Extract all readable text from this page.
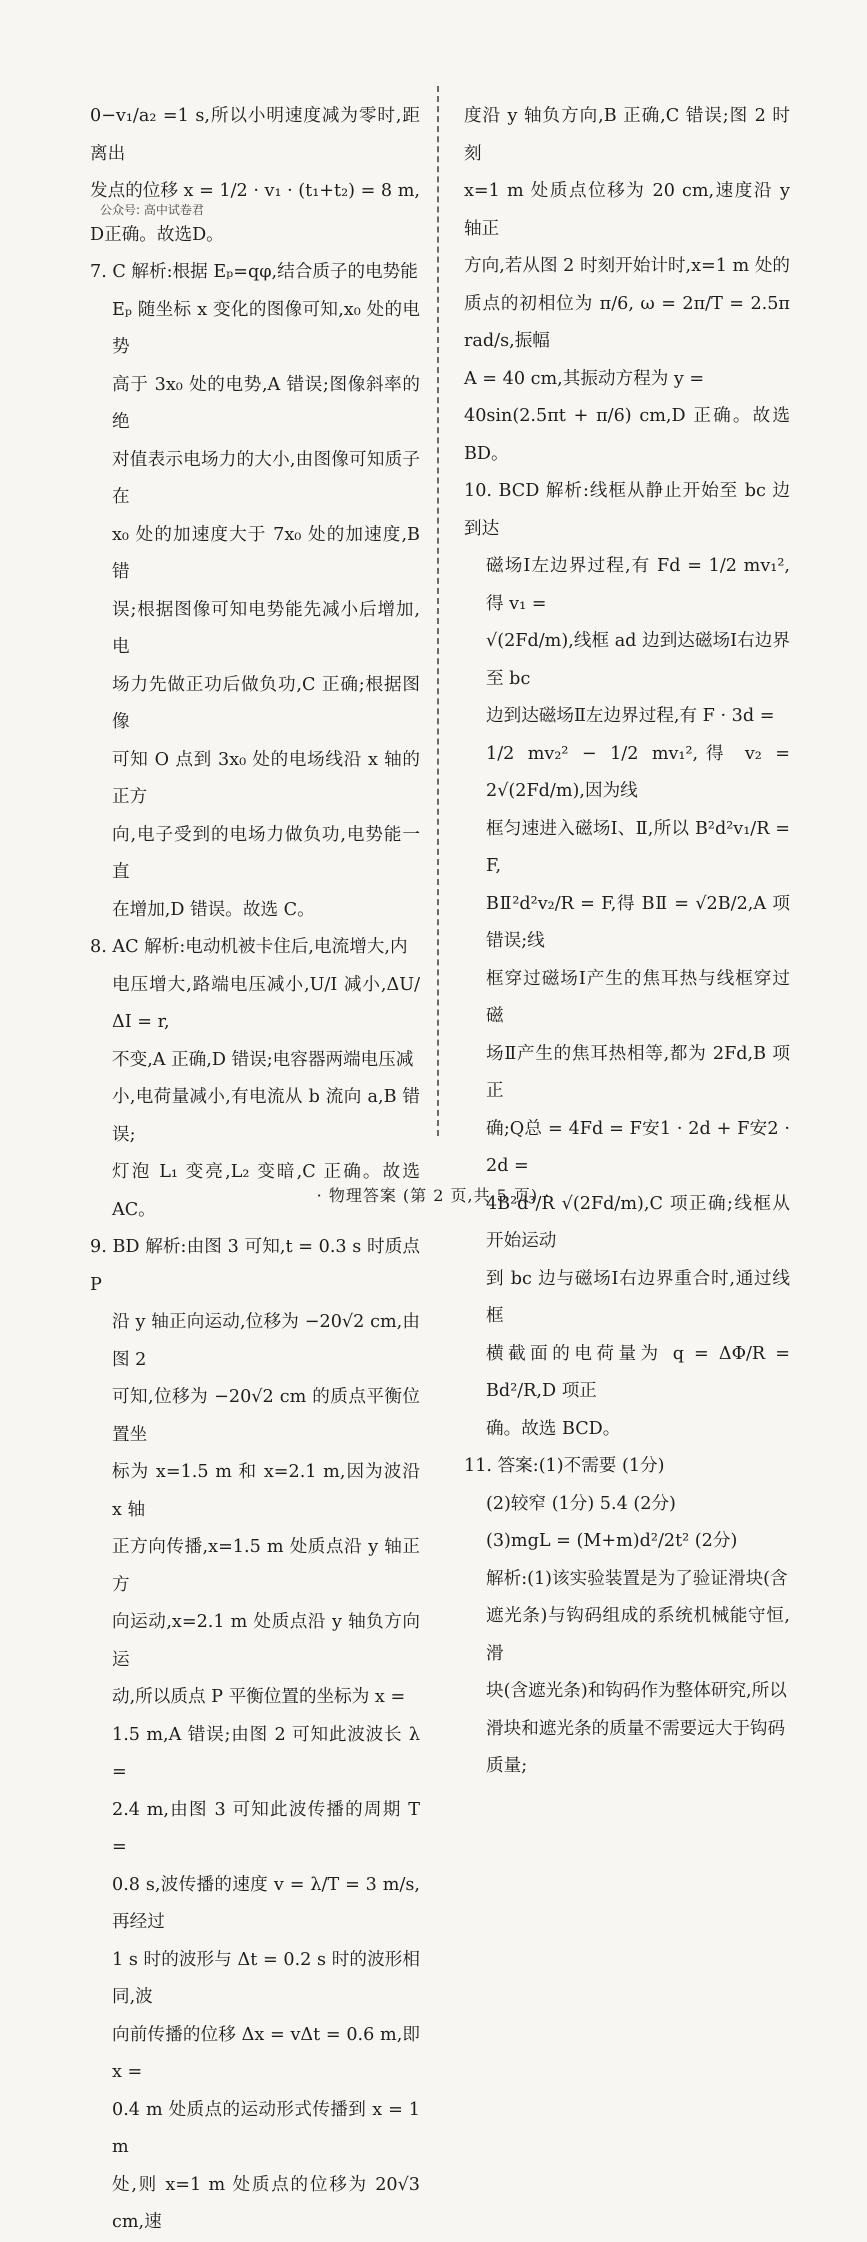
0−v₁/a₂ =1 s,所以小明速度减为零时,距离出

发点的位移 x = 1/2 · v₁ · (t₁+t₂) = 8 m,

公众号: 高中试卷君

D正确。故选D。

7. C 解析:根据 Eₚ=qφ,结合质子的电势能

Eₚ 随坐标 x 变化的图像可知,x₀ 处的电势

高于 3x₀ 处的电势,A 错误;图像斜率的绝

对值表示电场力的大小,由图像可知质子在

x₀ 处的加速度大于 7x₀ 处的加速度,B 错

误;根据图像可知电势能先减小后增加,电

场力先做正功后做负功,C 正确;根据图像

可知 O 点到 3x₀ 处的电场线沿 x 轴的正方

向,电子受到的电场力做负功,电势能一直

在增加,D 错误。故选 C。

8. AC 解析:电动机被卡住后,电流增大,内

电压增大,路端电压减小,U/I 减小,ΔU/ΔI = r,

不变,A 正确,D 错误;电容器两端电压减

小,电荷量减小,有电流从 b 流向 a,B 错误;

灯泡 L₁ 变亮,L₂ 变暗,C 正确。故选 AC。

9. BD 解析:由图 3 可知,t = 0.3 s 时质点 P

沿 y 轴正向运动,位移为 −20√2 cm,由图 2

可知,位移为 −20√2 cm 的质点平衡位置坐

标为 x=1.5 m 和 x=2.1 m,因为波沿 x 轴

正方向传播,x=1.5 m 处质点沿 y 轴正方

向运动,x=2.1 m 处质点沿 y 轴负方向运

动,所以质点 P 平衡位置的坐标为 x =

1.5 m,A 错误;由图 2 可知此波波长 λ =

2.4 m,由图 3 可知此波传播的周期 T =

0.8 s,波传播的速度 v = λ/T = 3 m/s,再经过

1 s 时的波形与 Δt = 0.2 s 时的波形相同,波

向前传播的位移 Δx = vΔt = 0.6 m,即 x =

0.4 m 处质点的运动形式传播到 x = 1 m

处,则 x=1 m 处质点的位移为 20√3 cm,速

度沿 y 轴负方向,B 正确,C 错误;图 2 时刻

x=1 m 处质点位移为 20 cm,速度沿 y 轴正

方向,若从图 2 时刻开始计时,x=1 m 处的

质点的初相位为 π/6, ω = 2π/T = 2.5π rad/s,振幅

A = 40 cm,其振动方程为 y =

40sin(2.5πt + π/6) cm,D 正确。故选 BD。

10. BCD 解析:线框从静止开始至 bc 边到达

磁场Ⅰ左边界过程,有 Fd = 1/2 mv₁²,得 v₁ =

√(2Fd/m),线框 ad 边到达磁场Ⅰ右边界至 bc

边到达磁场Ⅱ左边界过程,有 F · 3d =

1/2 mv₂² − 1/2 mv₁²,得 v₂ = 2√(2Fd/m),因为线

框匀速进入磁场Ⅰ、Ⅱ,所以 B²d²v₁/R = F,

BⅡ²d²v₂/R = F,得 BⅡ = √2B/2,A 项错误;线

框穿过磁场Ⅰ产生的焦耳热与线框穿过磁

场Ⅱ产生的焦耳热相等,都为 2Fd,B 项正

确;Q总 = 4Fd = F安1 · 2d + F安2 · 2d =

4B²d³/R √(2Fd/m),C 项正确;线框从开始运动

到 bc 边与磁场Ⅰ右边界重合时,通过线框

横截面的电荷量为 q = ΔΦ/R = Bd²/R,D 项正

确。故选 BCD。

11. 答案:(1)不需要 (1分)

(2)较窄 (1分) 5.4 (2分)

(3)mgL = (M+m)d²/2t² (2分)

解析:(1)该实验装置是为了验证滑块(含

遮光条)与钩码组成的系统机械能守恒,滑

块(含遮光条)和钩码作为整体研究,所以

滑块和遮光条的质量不需要远大于钩码

质量;

· 物理答案 (第 2 页,共 5 页) ·
